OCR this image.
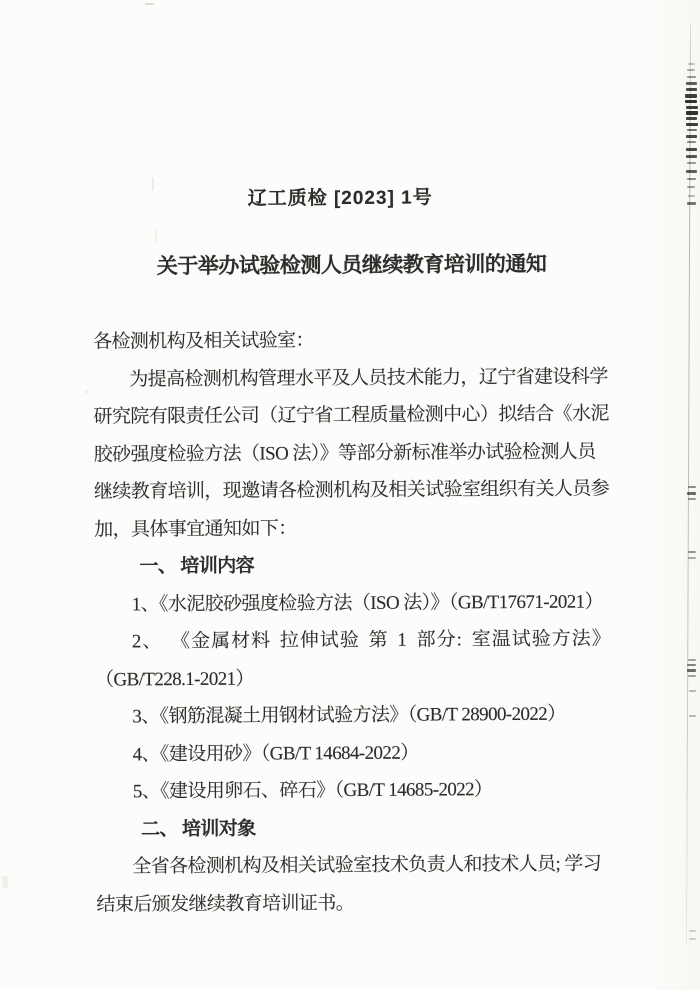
辽工质检 [2023] 1号
关于举办试验检测人员继续教育培训的通知
各检测机构及相关试验室：
为提高检测机构管理水平及人员技术能力，辽宁省建设科学
研究院有限责任公司（辽宁省工程质量检测中心）拟结合《水泥
胶砂强度检验方法（ISO 法）》等部分新标准举办试验检测人员
继续教育培训，现邀请各检测机构及相关试验室组织有关人员参
加，具体事宜通知如下：
一、 培训内容
1、《水泥胶砂强度检验方法（ISO 法）》（GB/T17671-2021）
2、 《金属材料 拉伸试验 第 1 部分: 室温试验方法》
（GB/T228.1-2021）
3、《钢筋混凝土用钢材试验方法》（GB/T 28900-2022）
4、《建设用砂》（GB/T 14684-2022）
5、《建设用卵石、碎石》（GB/T 14685-2022）
二、 培训对象
全省各检测机构及相关试验室技术负责人和技术人员; 学习
结束后颁发继续教育培训证书。
